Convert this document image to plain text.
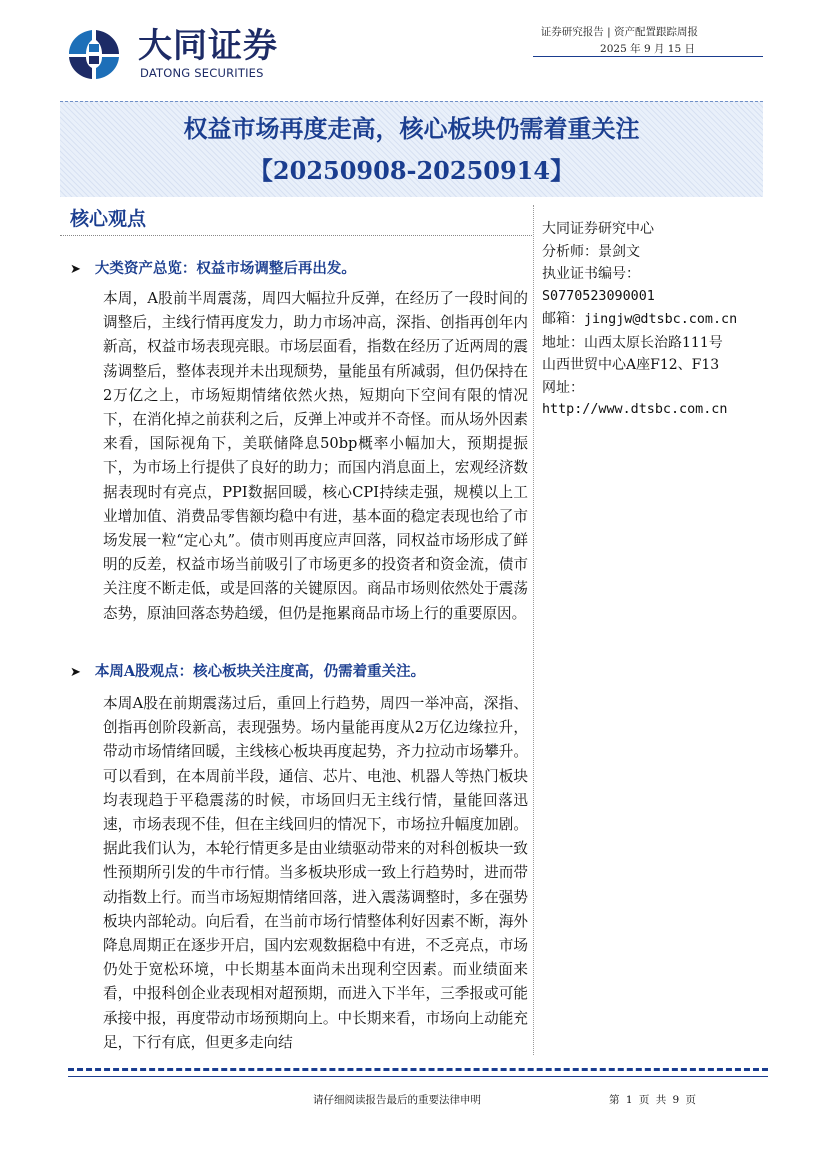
大同证券
DATONG SECURITIES
证券研究报告 | 资产配置跟踪周报
2025 年 9 月 15 日
权益市场再度走高，核心板块仍需着重关注
【20250908-20250914】
核心观点
➤ 大类资产总览：权益市场调整后再出发。
本周，A股前半周震荡，周四大幅拉升反弹，在经历了一段时间的调整后，主线行情再度发力，助力市场冲高，深指、创指再创年内新高，权益市场表现亮眼。市场层面看，指数在经历了近两周的震荡调整后，整体表现并未出现颓势，量能虽有所减弱，但仍保持在2万亿之上，市场短期情绪依然火热，短期向下空间有限的情况下，在消化掉之前获利之后，反弹上冲或并不奇怪。而从场外因素来看，国际视角下，美联储降息50bp概率小幅加大，预期提振下，为市场上行提供了良好的助力；而国内消息面上，宏观经济数据表现时有亮点，PPI数据回暖，核心CPI持续走强，规模以上工业增加值、消费品零售额均稳中有进，基本面的稳定表现也给了市场发展一粒“定心丸”。债市则再度应声回落，同权益市场形成了鲜明的反差，权益市场当前吸引了市场更多的投资者和资金流，债市关注度不断走低，或是回落的关键原因。商品市场则依然处于震荡态势，原油回落态势趋缓，但仍是拖累商品市场上行的重要原因。
➤ 本周A股观点：核心板块关注度高，仍需着重关注。
本周A股在前期震荡过后，重回上行趋势，周四一举冲高，深指、创指再创阶段新高，表现强势。场内量能再度从2万亿边缘拉升，带动市场情绪回暖，主线核心板块再度起势，齐力拉动市场攀升。可以看到，在本周前半段，通信、芯片、电池、机器人等热门板块均表现趋于平稳震荡的时候，市场回归无主线行情，量能回落迅速，市场表现不佳，但在主线回归的情况下，市场拉升幅度加剧。据此我们认为，本轮行情更多是由业绩驱动带来的对科创板块一致性预期所引发的牛市行情。当多板块形成一致上行趋势时，进而带动指数上行。而当市场短期情绪回落，进入震荡调整时，多在强势板块内部轮动。向后看，在当前市场行情整体利好因素不断，海外降息周期正在逐步开启，国内宏观数据稳中有进，不乏亮点，市场仍处于宽松环境，中长期基本面尚未出现利空因素。而业绩面来看，中报科创企业表现相对超预期，而进入下半年，三季报或可能承接中报，再度带动市场预期向上。中长期来看，市场向上动能充足，下行有底，但更多走向结
大同证券研究中心
分析师：景剑文
执业证书编号：
S0770523090001
邮箱：jingjw@dtsbc.com.cn
地址：山西太原长治路111号
山西世贸中心A座F12、F13
网址：
http://www.dtsbc.com.cn
请仔细阅读报告最后的重要法律申明	第 1 页 共 9 页
